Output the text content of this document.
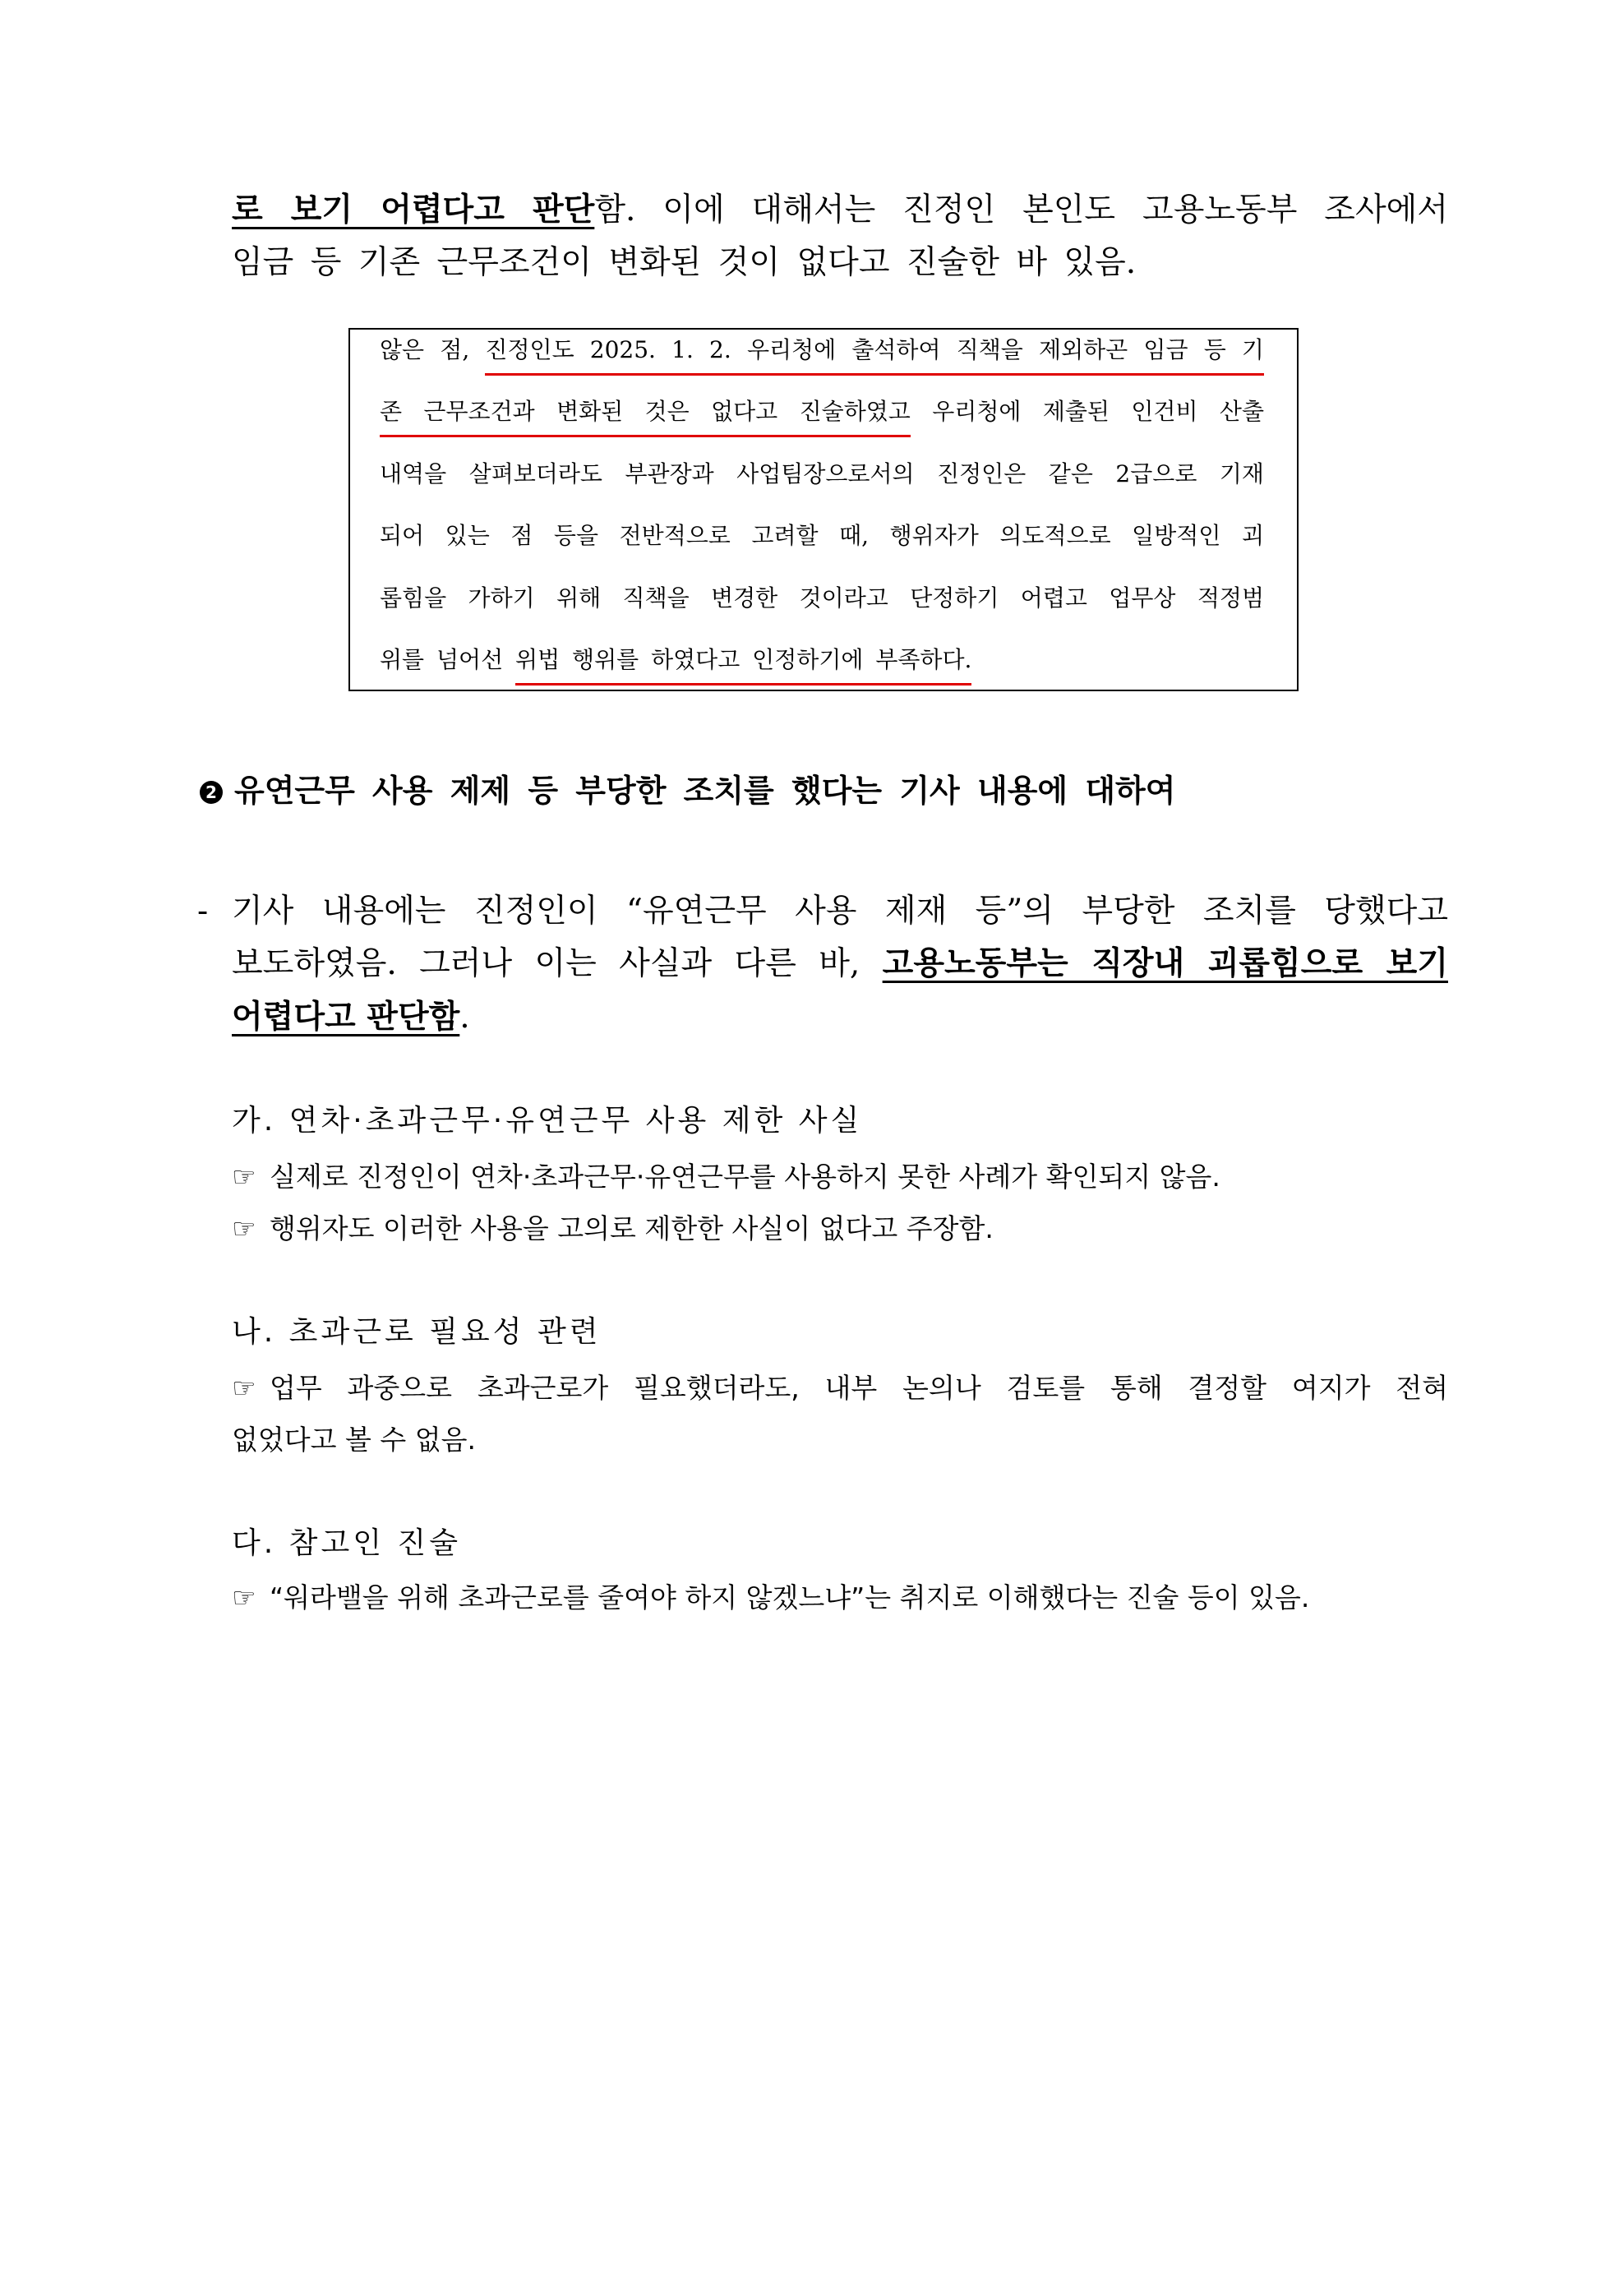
로 보기 어렵다고 판단함. 이에 대해서는 진정인 본인도 고용노동부 조사에서
임금 등 기존 근무조건이 변화된 것이 없다고 진술한 바 있음.
않은 점, 진정인도 2025. 1. 2. 우리청에 출석하여 직책을 제외하곤 임금 등 기
존 근무조건과 변화된 것은 없다고 진술하였고 우리청에 제출된 인건비 산출
내역을 살펴보더라도 부관장과 사업팀장으로서의 진정인은 같은 2급으로 기재
되어 있는 점 등을 전반적으로 고려할 때, 행위자가 의도적으로 일방적인 괴
롭힘을 가하기 위해 직책을 변경한 것이라고 단정하기 어렵고 업무상 적정범
위를 넘어선 위법 행위를 하였다고 인정하기에 부족하다.
2 유연근무 사용 제제 등 부당한 조치를 했다는 기사 내용에 대하여
- 기사 내용에는 진정인이 “유연근무 사용 제재 등”의 부당한 조치를 당했다고
보도하였음. 그러나 이는 사실과 다른 바, 고용노동부는 직장내 괴롭힘으로 보기
어렵다고 판단함.
가. 연차·초과근무·유연근무 사용 제한 사실
☞ 실제로 진정인이 연차·초과근무·유연근무를 사용하지 못한 사례가 확인되지 않음.
☞ 행위자도 이러한 사용을 고의로 제한한 사실이 없다고 주장함.
나. 초과근로 필요성 관련
☞ 업무 과중으로 초과근로가 필요했더라도, 내부 논의나 검토를 통해 결정할 여지가 전혀
없었다고 볼 수 없음.
다. 참고인 진술
☞ “워라밸을 위해 초과근로를 줄여야 하지 않겠느냐”는 취지로 이해했다는 진술 등이 있음.
